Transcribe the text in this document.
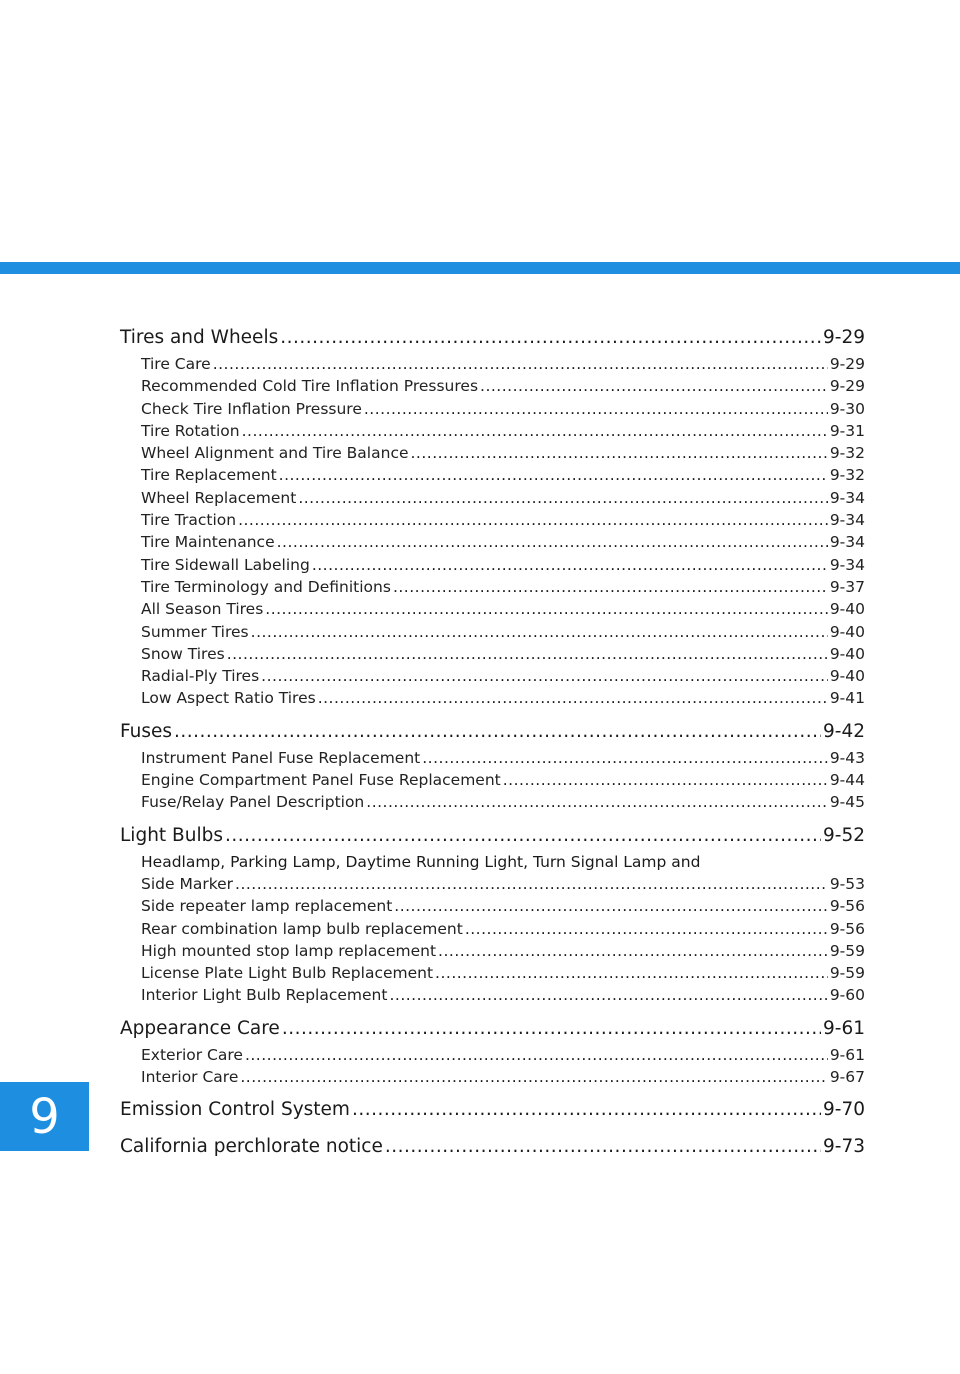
Tires and Wheels .....	9-29
Tire Care .....	9-29
Recommended Cold Tire Inflation Pressures .....	9-29
Check Tire Inflation Pressure .....	9-30
Tire Rotation .....	9-31
Wheel Alignment and Tire Balance .....	9-32
Tire Replacement .....	9-32
Wheel Replacement .....	9-34
Tire Traction .....	9-34
Tire Maintenance .....	9-34
Tire Sidewall Labeling .....	9-34
Tire Terminology and Definitions .....	9-37
All Season Tires .....	9-40
Summer Tires .....	9-40
Snow Tires .....	9-40
Radial-Ply Tires .....	9-40
Low Aspect Ratio Tires .....	9-41
Fuses .....	9-42
Instrument Panel Fuse Replacement .....	9-43
Engine Compartment Panel Fuse Replacement .....	9-44
Fuse/Relay Panel Description .....	9-45
Light Bulbs .....	9-52
Headlamp, Parking Lamp, Daytime Running Light, Turn Signal Lamp and
Side Marker .....	9-53
Side repeater lamp replacement .....	9-56
Rear combination lamp bulb replacement .....	9-56
High mounted stop lamp replacement .....	9-59
License Plate Light Bulb Replacement .....	9-59
Interior Light Bulb Replacement .....	9-60
Appearance Care .....	9-61
Exterior Care .....	9-61
Interior Care .....	9-67
Emission Control System .....	9-70
California perchlorate notice .....	9-73
9
